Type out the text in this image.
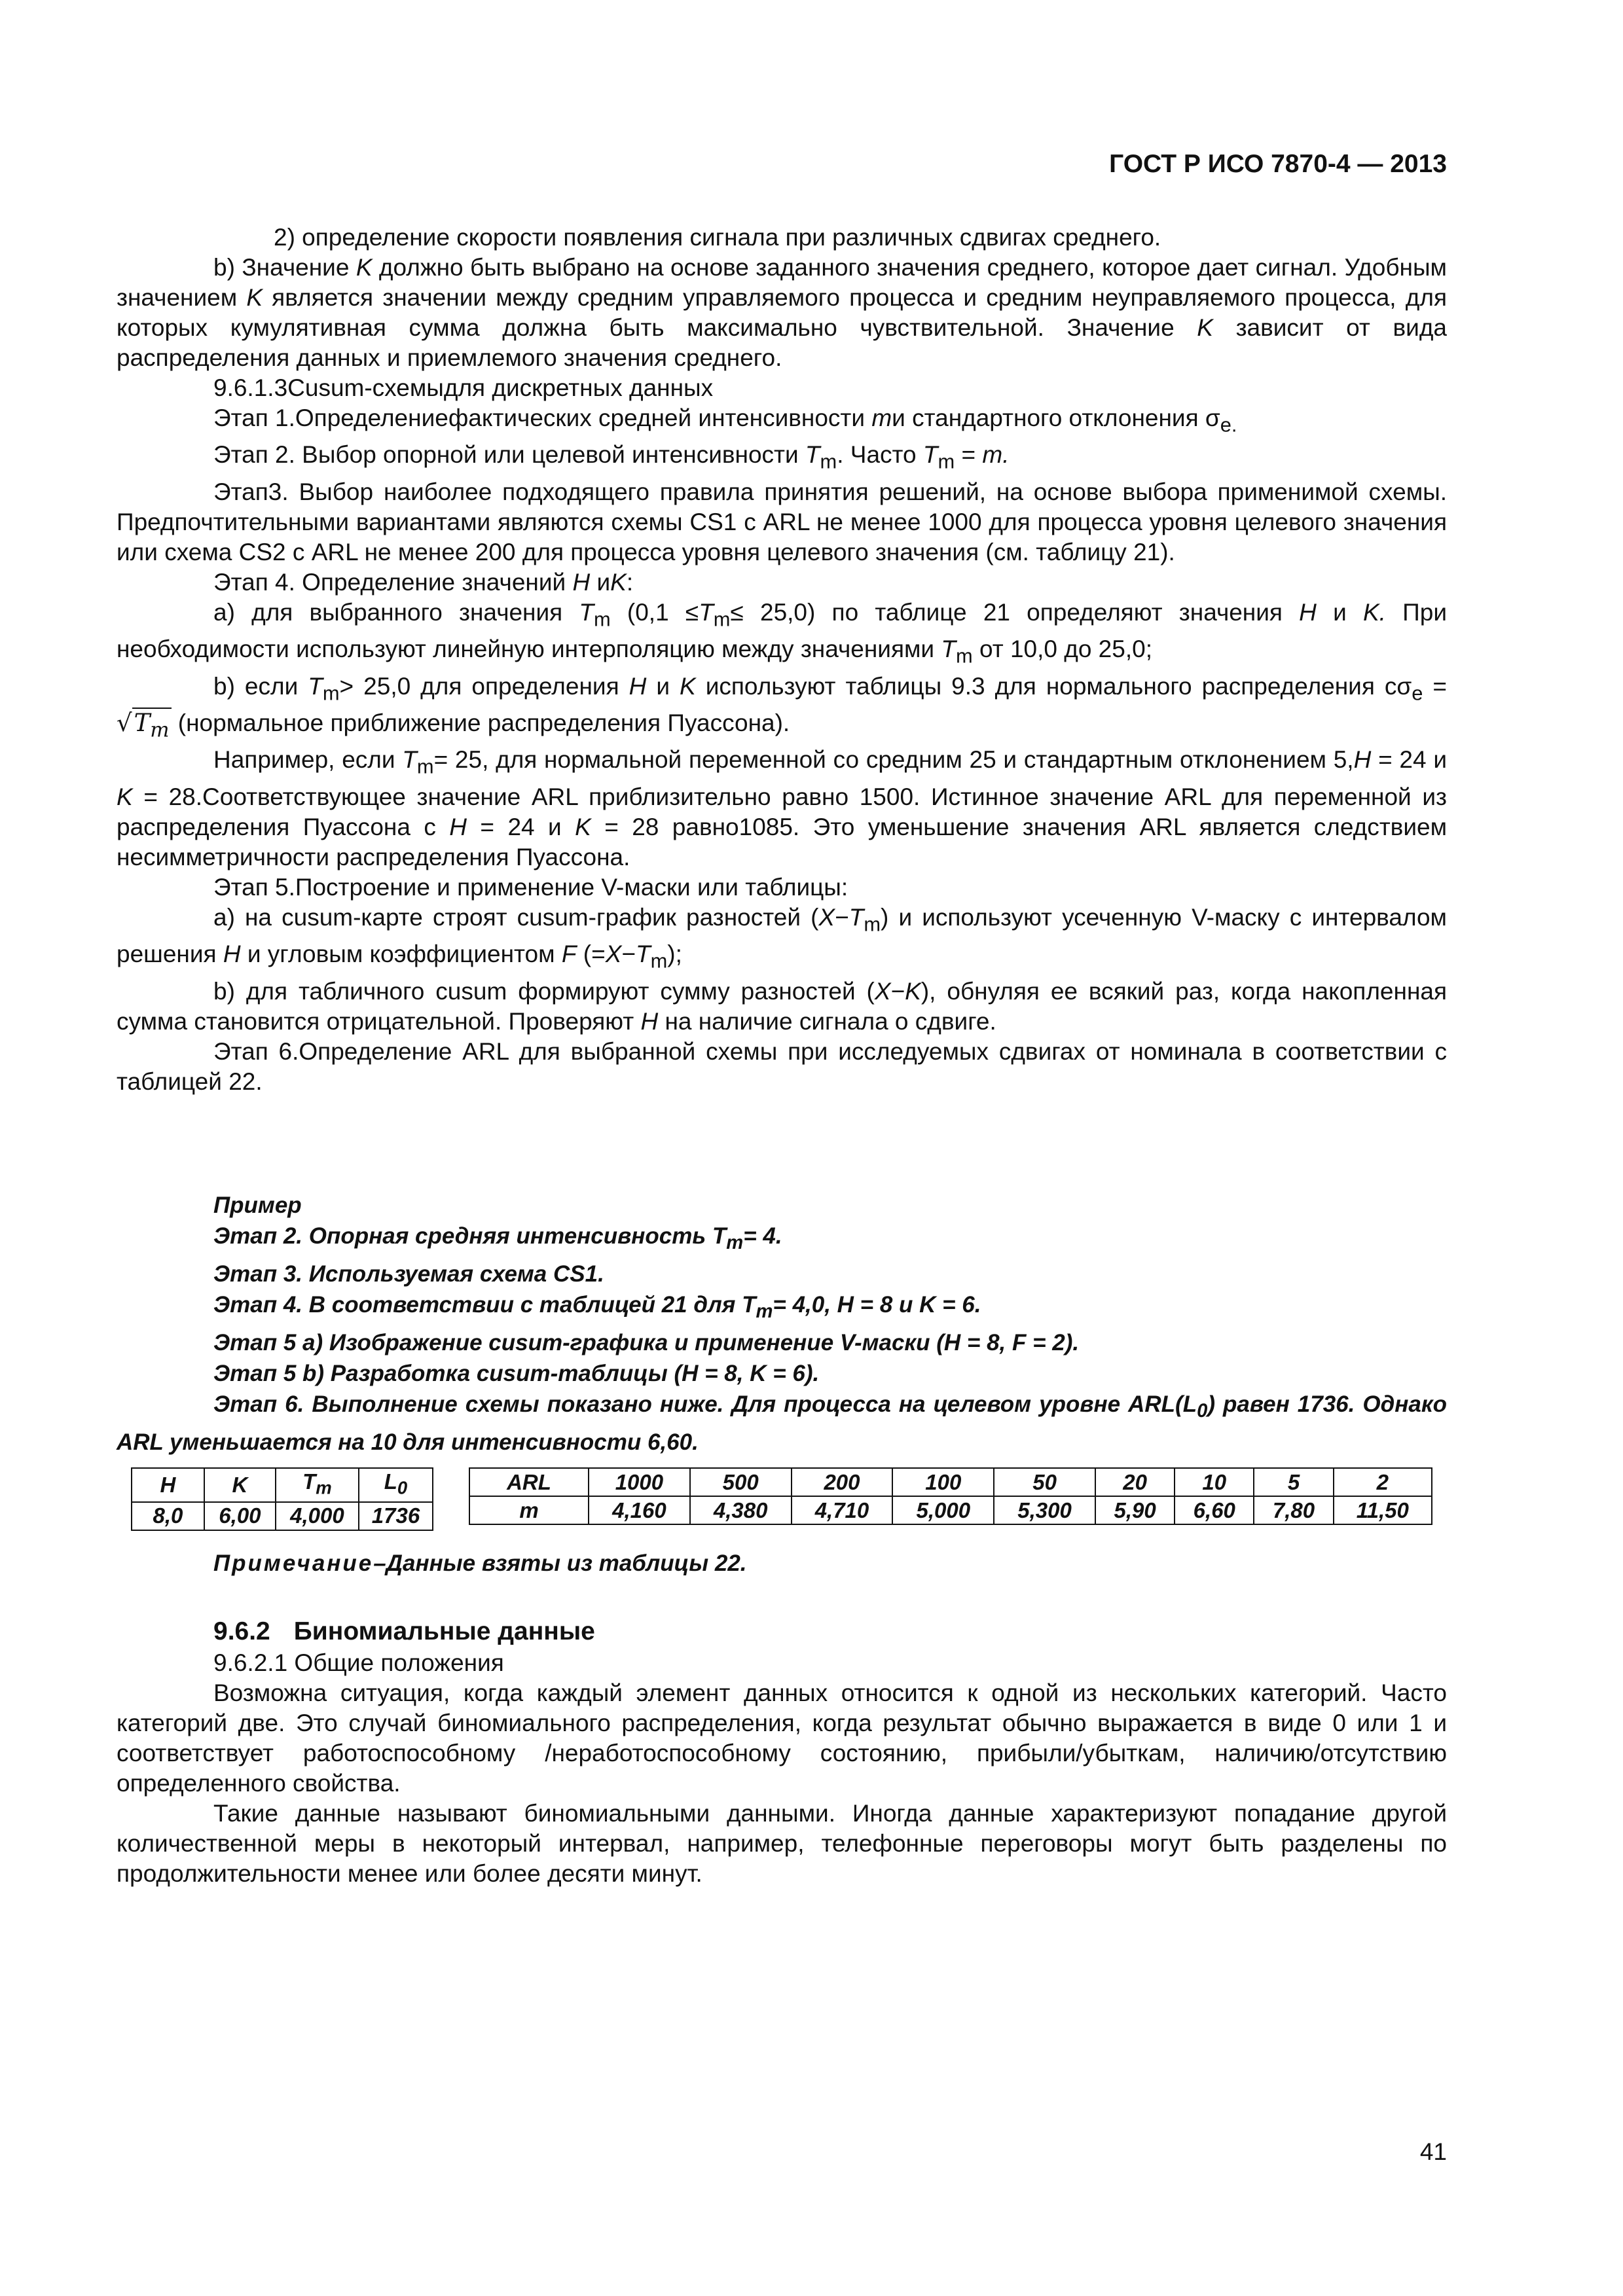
ГОСТ Р ИСО 7870-4 — 2013

2) определение скорости появления сигнала при различных сдвигах среднего.

b) Значение K должно быть выбрано на основе заданного значения среднего, которое дает сигнал. Удобным значением K является значении между средним управляемого процесса и средним неуправляемого процесса, для которых кумулятивная сумма должна быть максимально чувствительной. Значение K зависит от вида распределения данных и приемлемого значения среднего.

9.6.1.3Cusum-схемыдля дискретных данных

Этап 1.Определениефактических средней интенсивности mи стандартного отклонения $\sigma_{e.}$

Этап 2. Выбор опорной или целевой интенсивности $T_m$. Часто $T_m = m$.

Этап3. Выбор наиболее подходящего правила принятия решений, на основе выбора применимой схемы. Предпочтительными вариантами являются схемы CS1 с ARL не менее 1000 для процесса уровня целевого значения или схема CS2 с ARL не менее 200 для процесса уровня целевого значения (см. таблицу 21).

Этап 4. Определение значений H иK:

а) для выбранного значения $T_m$ $(0,1 \le T_m\le 25,0)$ по таблице 21 определяют значения H и K. При необходимости используют линейную интерполяцию между значениями $T_m$ от 10,0 до 25,0;

b) если $T_m> 25,0$ для определения H и K используют таблицы 9.3 для нормального распределения $c\sigma_e = √T_m$ (нормальное приближение распределения Пуассона).

Например, если $T_m= 25$, для нормальной переменной со средним 25 и стандартным отклонением 5,H = 24 и K = 28.Соответствующее значение ARL приблизительно равно 1500. Истинное значение ARL для переменной из распределения Пуассона с H = 24 и K = 28 равно1085. Это уменьшение значения ARL является следствием несимметричности распределения Пуассона.

Этап 5.Построение и применение V-маски или таблицы:

а) на cusum-карте строят cusum-график разностей $(X-T_m)$ и используют усеченную V-маску с интервалом решения H и угловым коэффициентом F $(=X-T_m)$;

b) для табличного cusum формируют сумму разностей (X−K), обнуляя ее всякий раз, когда накопленная сумма становится отрицательной. Проверяют H на наличие сигнала о сдвиге.

Этап 6.Определение ARL для выбранной схемы при исследуемых сдвигах от номинала в соответствии с таблицей 22.

Пример

Этап 2. Опорная средняя интенсивность $T_m= 4$.

Этап 3. Используемая схема CS1.

Этап 4. В соответствии с таблицей 21 для $T_m= 4,0$, H = 8 и K = 6.

Этап 5 a) Изображение cusum-графика и применение V-маски (H = 8, F = 2).

Этап 5 b) Разработка cusum-таблицы (H = 8, K = 6).

Этап 6. Выполнение схемы показано ниже. Для процесса на целевом уровне $ARL(L_0)$ равен 1736. Однако ARL уменьшается на 10 для интенсивности 6,60.

H	K	$T_m$	$L_0$
8,0	6,00	4,000	1736
ARL	1000	500	200	100	50	20	10	5	2
m	4,160	4,380	4,710	5,000	5,300	5,90	6,60	7,80	11,50
Примечание–Данные взяты из таблицы 22.
9.6.2 Биномиальные данные

9.6.2.1 Общие положения

Возможна ситуация, когда каждый элемент данных относится к одной из нескольких категорий. Часто категорий две. Это случай биномиального распределения, когда результат обычно выражается в виде 0 или 1 и соответствует работоспособному /неработоспособному состоянию, прибыли/убыткам, наличию/отсутствию определенного свойства.

Такие данные называют биномиальными данными. Иногда данные характеризуют попадание другой количественной меры в некоторый интервал, например, телефонные переговоры могут быть разделены по продолжительности менее или более десяти минут.

41
